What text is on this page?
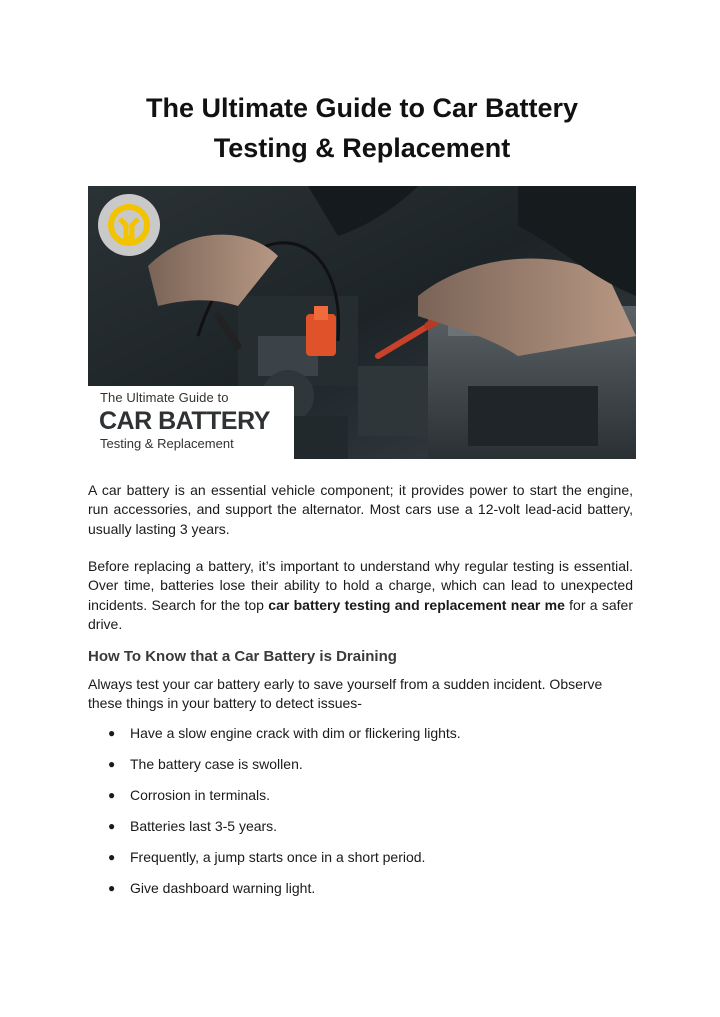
The Ultimate Guide to Car Battery
Testing & Replacement
The Ultimate Guide to
CAR BATTERY
Testing & Replacement

A car battery is an essential vehicle component; it provides power to start the engine, run accessories, and support the alternator. Most cars use a 12-volt lead-acid battery, usually lasting 3 years.

Before replacing a battery, it’s important to understand why regular testing is essential. Over time, batteries lose their ability to hold a charge, which can lead to unexpected incidents. Search for the top car battery testing and replacement near me for a safer drive.

How To Know that a Car Battery is Draining

Always test your car battery early to save yourself from a sudden incident. Observe these things in your battery to detect issues-

● Have a slow engine crack with dim or flickering lights.
● The battery case is swollen.
● Corrosion in terminals.
● Batteries last 3-5 years.
● Frequently, a jump starts once in a short period.
● Give dashboard warning light.
